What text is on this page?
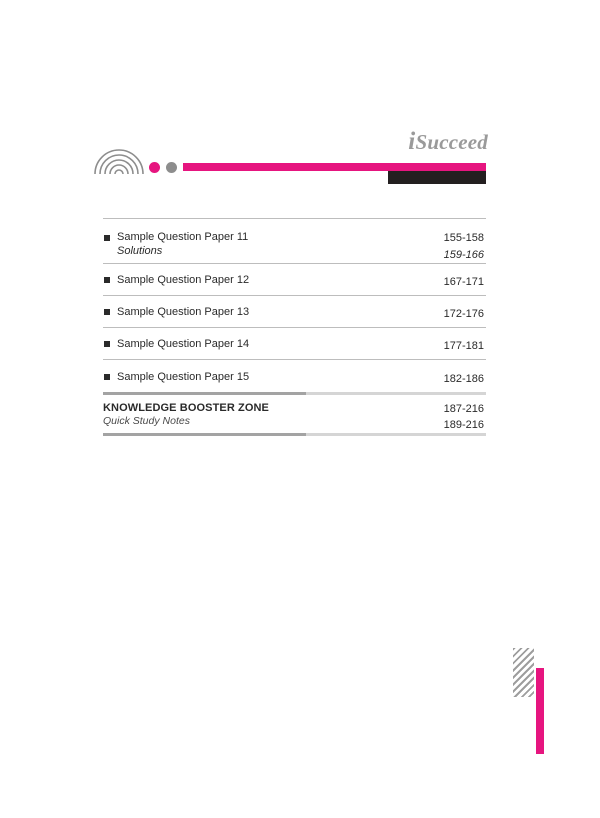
iSucceed
Sample Question Paper 11	155-158
Solutions	159-166
Sample Question Paper 12	167-171
Sample Question Paper 13	172-176
Sample Question Paper 14	177-181
Sample Question Paper 15	182-186
KNOWLEDGE BOOSTER ZONE	187-216
Quick Study Notes	189-216
